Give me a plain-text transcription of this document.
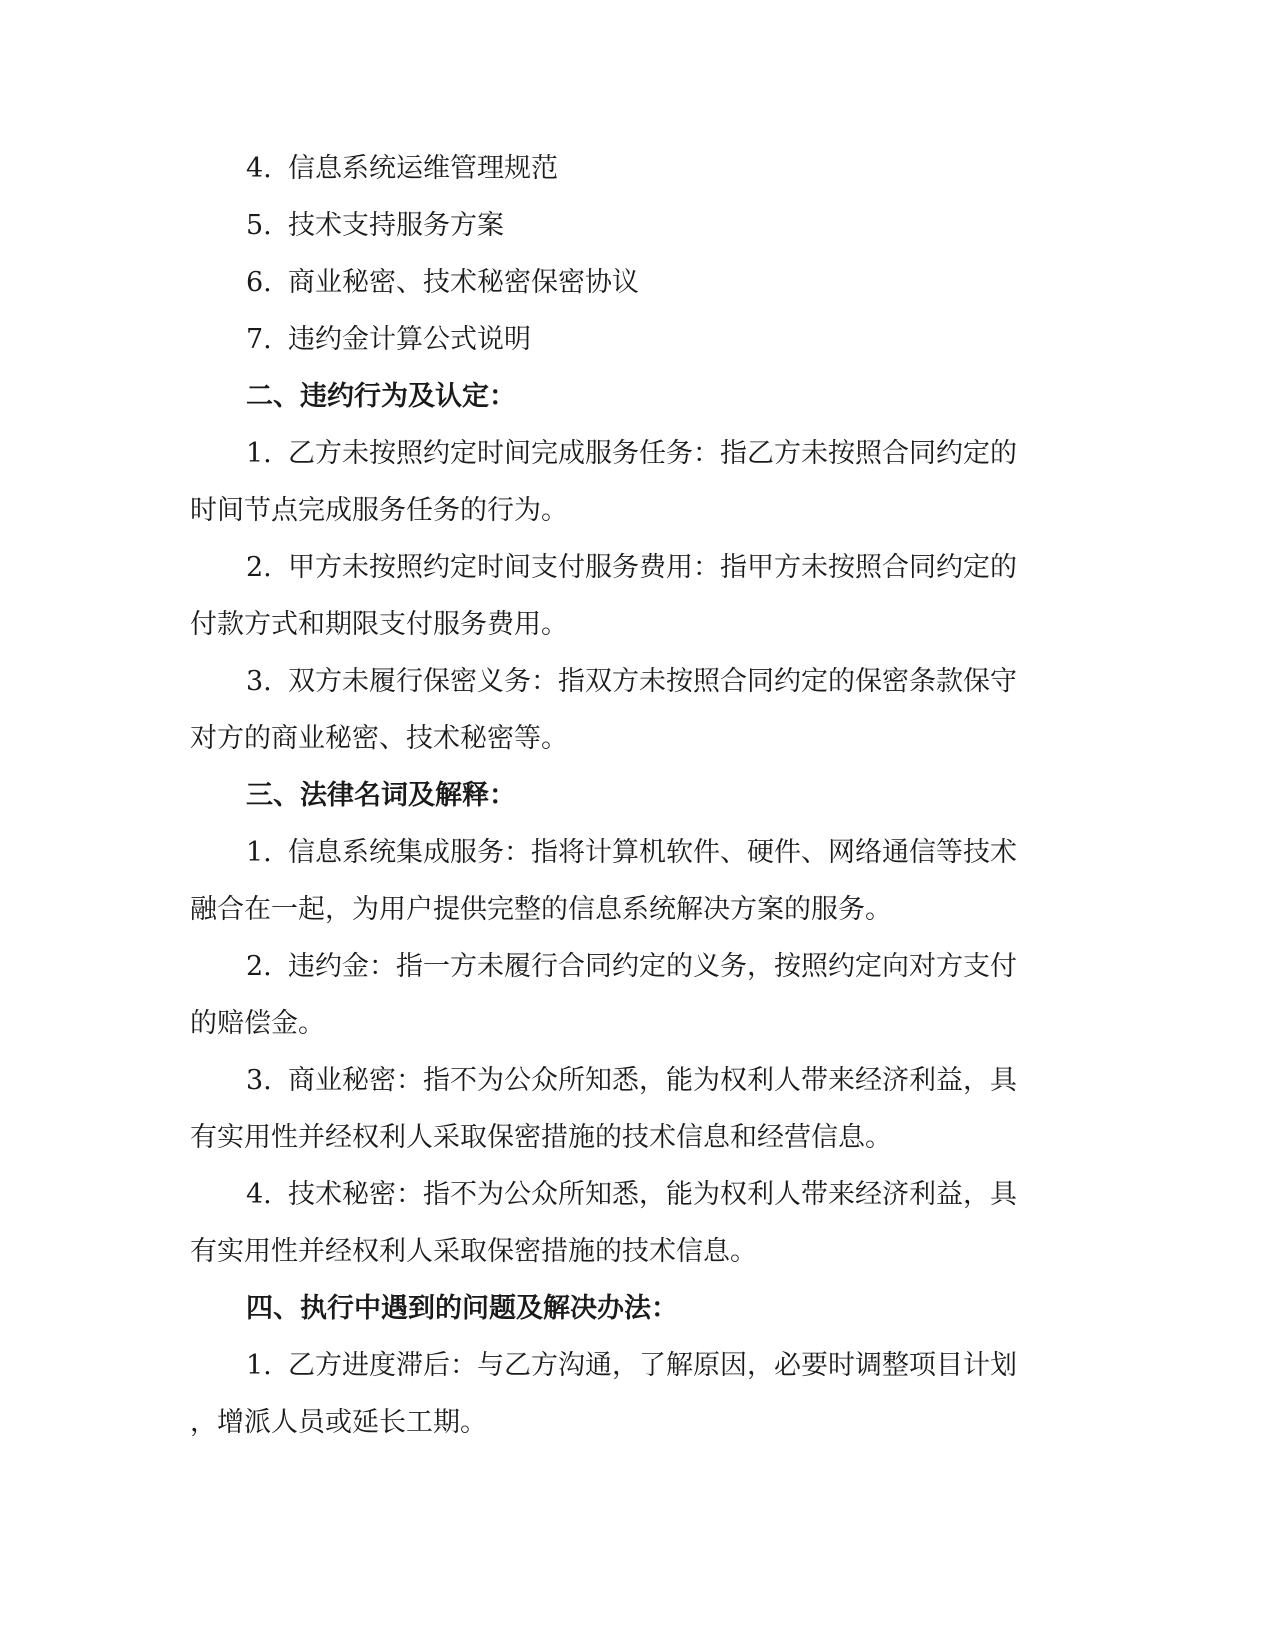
4. 信息系统运维管理规范

5. 技术支持服务方案

6. 商业秘密、技术秘密保密协议

7. 违约金计算公式说明

二、违约行为及认定：

1. 乙方未按照约定时间完成服务任务：指乙方未按照合同约定的

时间节点完成服务任务的行为。

2. 甲方未按照约定时间支付服务费用：指甲方未按照合同约定的

付款方式和期限支付服务费用。

3. 双方未履行保密义务：指双方未按照合同约定的保密条款保守

对方的商业秘密、技术秘密等。

三、法律名词及解释：

1. 信息系统集成服务：指将计算机软件、硬件、网络通信等技术

融合在一起，为用户提供完整的信息系统解决方案的服务。

2. 违约金：指一方未履行合同约定的义务，按照约定向对方支付

的赔偿金。

3. 商业秘密：指不为公众所知悉，能为权利人带来经济利益，具

有实用性并经权利人采取保密措施的技术信息和经营信息。

4. 技术秘密：指不为公众所知悉，能为权利人带来经济利益，具

有实用性并经权利人采取保密措施的技术信息。

四、执行中遇到的问题及解决办法：

1. 乙方进度滞后：与乙方沟通，了解原因，必要时调整项目计划

，增派人员或延长工期。
